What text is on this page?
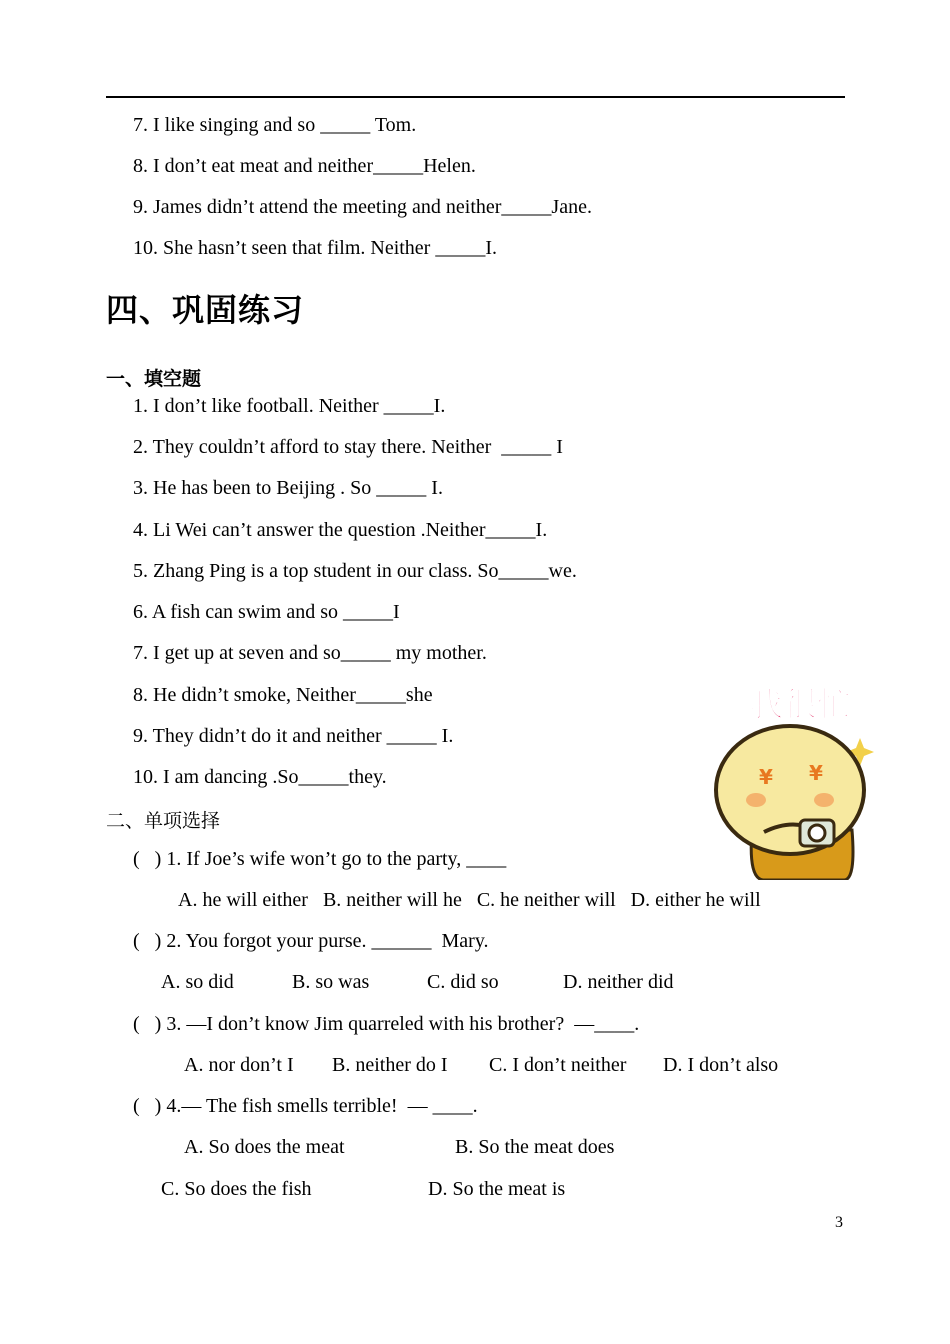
7. I like singing and so _____ Tom.
8. I don’t eat meat and neither_____Helen.
9. James didn’t attend the meeting and neither_____Jane.
10. She hasn’t seen that film. Neither _____I.
四、巩固练习
一、填空题
1. I don’t like football. Neither _____I.
2. They couldn’t afford to stay there. Neither  _____ I
3. He has been to Beijing . So _____ I.
4. Li Wei can’t answer the question .Neither_____I.
5. Zhang Ping is a top student in our class. So_____we.
6. A fish can swim and so _____I
7. I get up at seven and so_____ my mother.
8. He didn’t smoke, Neither_____she
9. They didn’t do it and neither _____ I.
10. I am dancing .So_____they.
二、单项选择
(   ) 1. If Joe’s wife won’t go to the party, ____
A. he will either   B. neither will he   C. he neither will   D. either he will
(   ) 2. You forgot your purse. ______  Mary.
A. so did	B. so was	C. did so	D. neither did
(   ) 3. —I don’t know Jim quarreled with his brother?  —____.
A. nor don’t I B. neither do I C. I don’t neither D. I don’t also
(   ) 4.— The fish smells terrible!  — ____.
A. So does the meat	B. So the meat does
C. So does the fish	D. So the meat is
我很忙
¥ ¥
3
